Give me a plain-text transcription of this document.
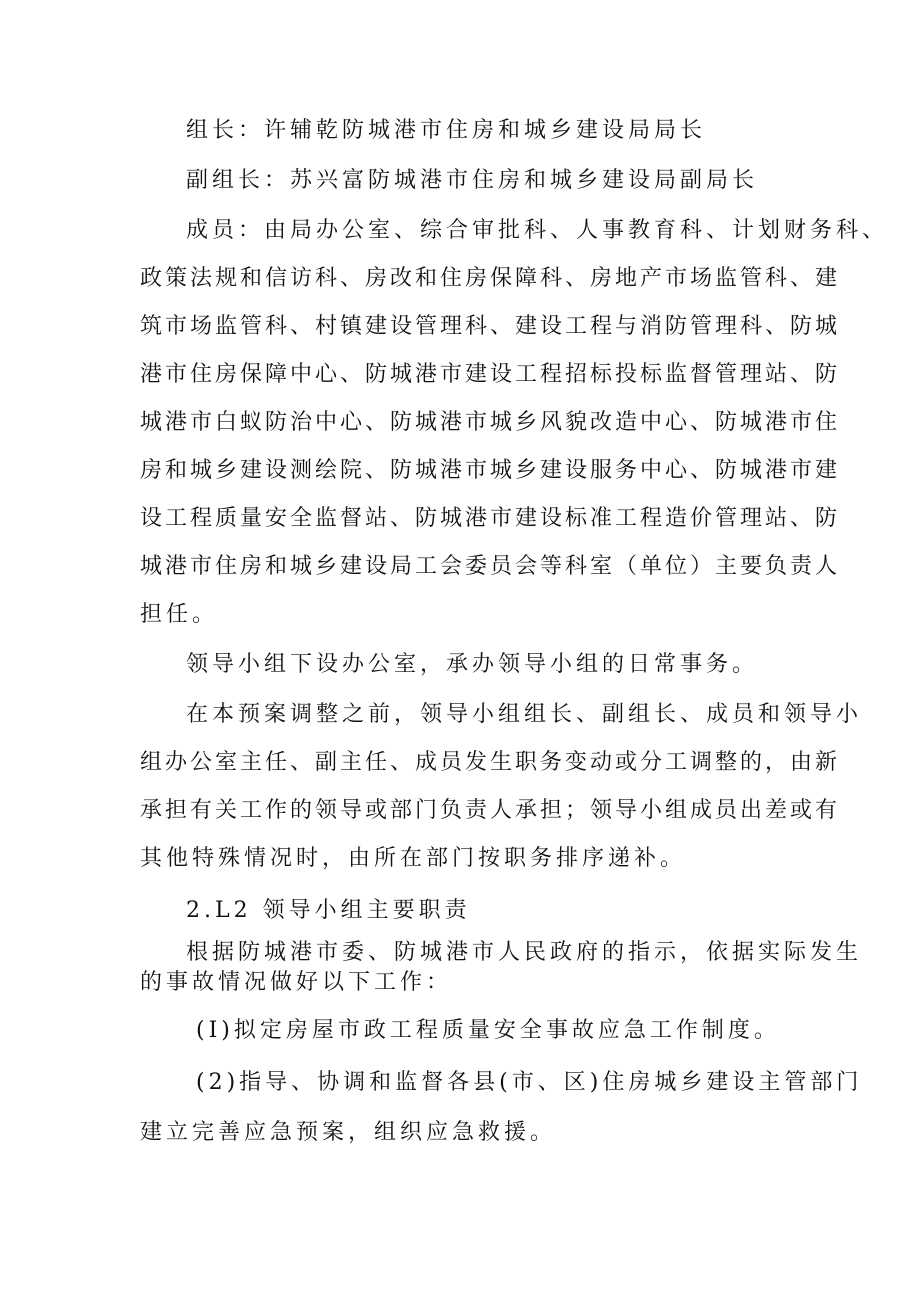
组长：许辅乾防城港市住房和城乡建设局局长
副组长：苏兴富防城港市住房和城乡建设局副局长
成员：由局办公室、综合审批科、人事教育科、计划财务科、
政策法规和信访科、房改和住房保障科、房地产市场监管科、建
筑市场监管科、村镇建设管理科、建设工程与消防管理科、防城
港市住房保障中心、防城港市建设工程招标投标监督管理站、防
城港市白蚁防治中心、防城港市城乡风貌改造中心、防城港市住
房和城乡建设测绘院、防城港市城乡建设服务中心、防城港市建
设工程质量安全监督站、防城港市建设标准工程造价管理站、防
城港市住房和城乡建设局工会委员会等科室（单位）主要负责人
担任。
领导小组下设办公室，承办领导小组的日常事务。
在本预案调整之前，领导小组组长、副组长、成员和领导小
组办公室主任、副主任、成员发生职务变动或分工调整的，由新
承担有关工作的领导或部门负责人承担；领导小组成员出差或有
其他特殊情况时，由所在部门按职务排序递补。
2.L2 领导小组主要职责
根据防城港市委、防城港市人民政府的指示，依据实际发生
的事故情况做好以下工作：
(I)拟定房屋市政工程质量安全事故应急工作制度。
(2)指导、协调和监督各县(市、区)住房城乡建设主管部门
建立完善应急预案，组织应急救援。
